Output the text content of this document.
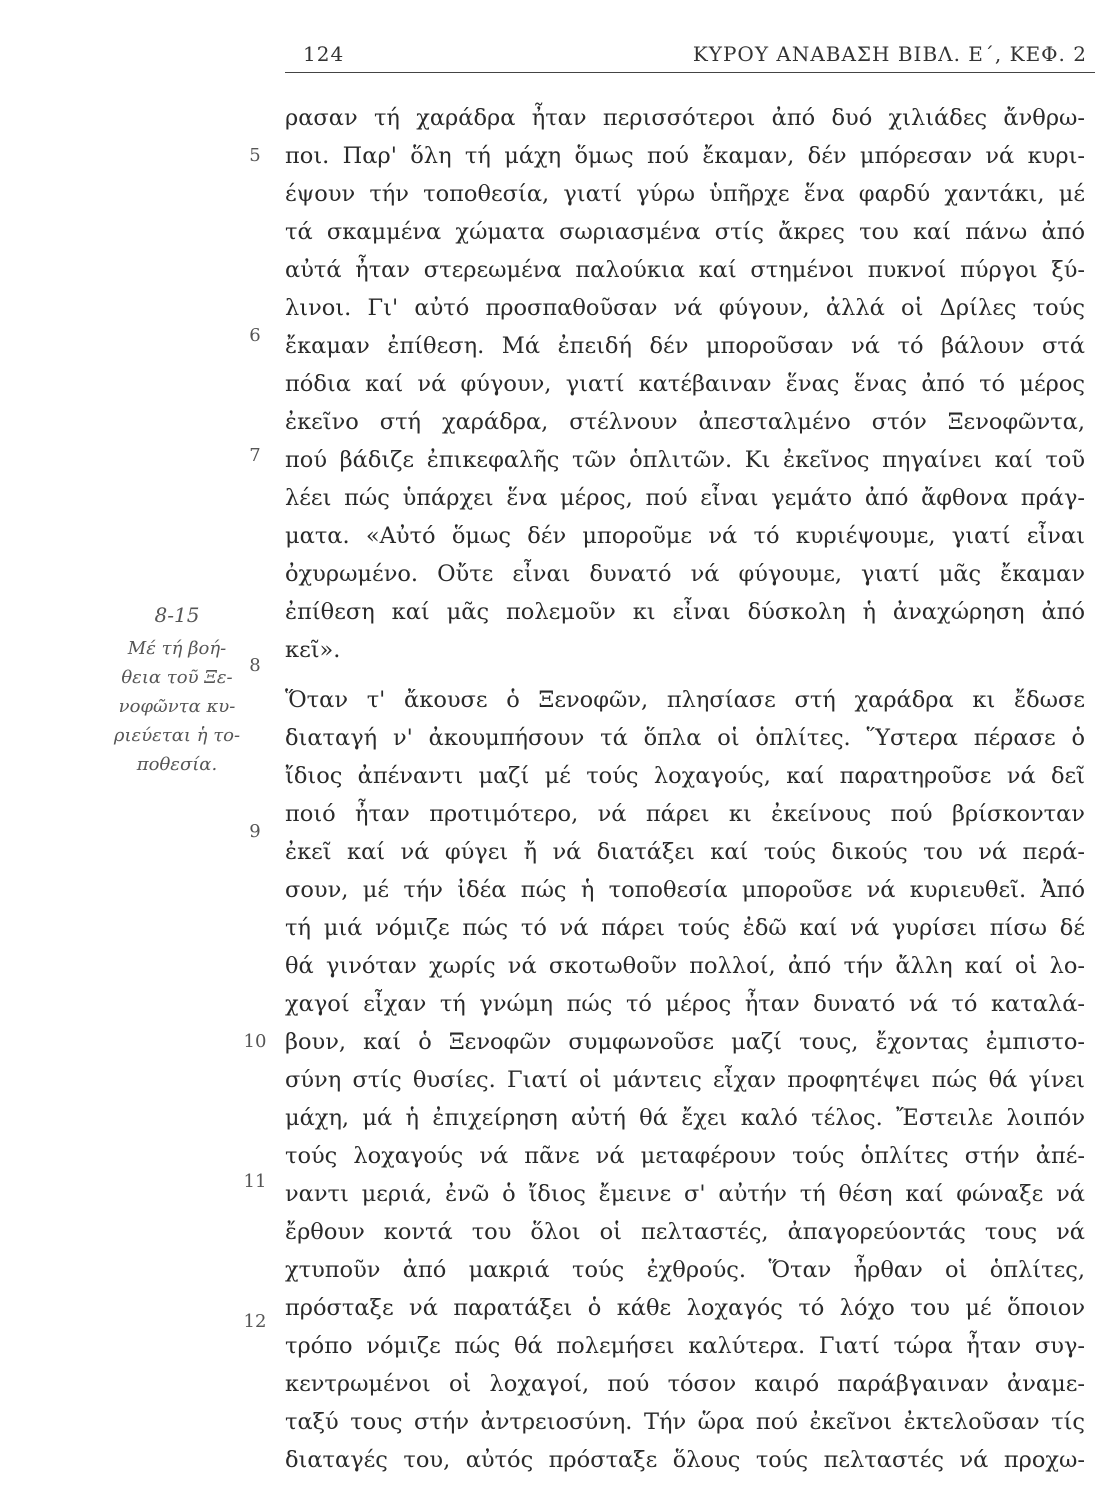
124	ΚΥΡΟΥ ΑΝΑΒΑΣΗ ΒΙΒΛ. Ε΄, ΚΕΦ. 2
8-15
Μέ τή βοή-
θεια τοῦ Ξε-
νοφῶντα κυ-
ριεύεται ἡ το-
ποθεσία.
5
6
7
8
9
10
11
12
ρασαν τή χαράδρα ἦταν περισσότεροι ἀπό δυό χιλιάδες ἄνθρω-
ποι. Παρ' ὅλη τή μάχη ὅμως πού ἔκαμαν, δέν μπόρεσαν νά κυρι-
έψουν τήν τοποθεσία, γιατί γύρω ὑπῆρχε ἕνα φαρδύ χαντάκι, μέ
τά σκαμμένα χώματα σωριασμένα στίς ἄκρες του καί πάνω ἀπό
αὐτά ἦταν στερεωμένα παλούκια καί στημένοι πυκνοί πύργοι ξύ-
λινοι. Γι' αὐτό προσπαθοῦσαν νά φύγουν, ἀλλά οἱ Δρίλες τούς
ἔκαμαν ἐπίθεση. Μά ἐπειδή δέν μποροῦσαν νά τό βάλουν στά
πόδια καί νά φύγουν, γιατί κατέβαιναν ἕνας ἕνας ἀπό τό μέρος
ἐκεῖνο στή χαράδρα, στέλνουν ἀπεσταλμένο στόν Ξενοφῶντα,
πού βάδιζε ἐπικεφαλῆς τῶν ὁπλιτῶν. Κι ἐκεῖνος πηγαίνει καί τοῦ
λέει πώς ὑπάρχει ἕνα μέρος, πού εἶναι γεμάτο ἀπό ἄφθονα πράγ-
ματα. «Αὐτό ὅμως δέν μποροῦμε νά τό κυριέψουμε, γιατί εἶναι
ὀχυρωμένο. Οὔτε εἶναι δυνατό νά φύγουμε, γιατί μᾶς ἔκαμαν
ἐπίθεση καί μᾶς πολεμοῦν κι εἶναι δύσκολη ἡ ἀναχώρηση ἀπό
κεῖ».
Ὅταν τ' ἄκουσε ὁ Ξενοφῶν, πλησίασε στή χαράδρα κι ἔδωσε
διαταγή ν' ἀκουμπήσουν τά ὅπλα οἱ ὁπλίτες. Ὕστερα πέρασε ὁ
ἴδιος ἀπέναντι μαζί μέ τούς λοχαγούς, καί παρατηροῦσε νά δεῖ
ποιό ἦταν προτιμότερο, νά πάρει κι ἐκείνους πού βρίσκονταν
ἐκεῖ καί νά φύγει ἤ νά διατάξει καί τούς δικούς του νά περά-
σουν, μέ τήν ἰδέα πώς ἡ τοποθεσία μποροῦσε νά κυριευθεῖ. Ἀπό
τή μιά νόμιζε πώς τό νά πάρει τούς ἐδῶ καί νά γυρίσει πίσω δέ
θά γινόταν χωρίς νά σκοτωθοῦν πολλοί, ἀπό τήν ἄλλη καί οἱ λο-
χαγοί εἶχαν τή γνώμη πώς τό μέρος ἦταν δυνατό νά τό καταλά-
βουν, καί ὁ Ξενοφῶν συμφωνοῦσε μαζί τους, ἔχοντας ἐμπιστο-
σύνη στίς θυσίες. Γιατί οἱ μάντεις εἶχαν προφητέψει πώς θά γίνει
μάχη, μά ἡ ἐπιχείρηση αὐτή θά ἔχει καλό τέλος. Ἔστειλε λοιπόν
τούς λοχαγούς νά πᾶνε νά μεταφέρουν τούς ὁπλίτες στήν ἀπέ-
ναντι μεριά, ἐνῶ ὁ ἴδιος ἔμεινε σ' αὐτήν τή θέση καί φώναξε νά
ἔρθουν κοντά του ὅλοι οἱ πελταστές, ἀπαγορεύοντάς τους νά
χτυποῦν ἀπό μακριά τούς ἐχθρούς. Ὅταν ἦρθαν οἱ ὁπλίτες,
πρόσταξε νά παρατάξει ὁ κάθε λοχαγός τό λόχο του μέ ὅποιον
τρόπο νόμιζε πώς θά πολεμήσει καλύτερα. Γιατί τώρα ἦταν συγ-
κεντρωμένοι οἱ λοχαγοί, πού τόσον καιρό παράβγαιναν ἀναμε-
ταξύ τους στήν ἀντρειοσύνη. Τήν ὥρα πού ἐκεῖνοι ἐκτελοῦσαν τίς
διαταγές του, αὐτός πρόσταξε ὅλους τούς πελταστές νά προχω-
